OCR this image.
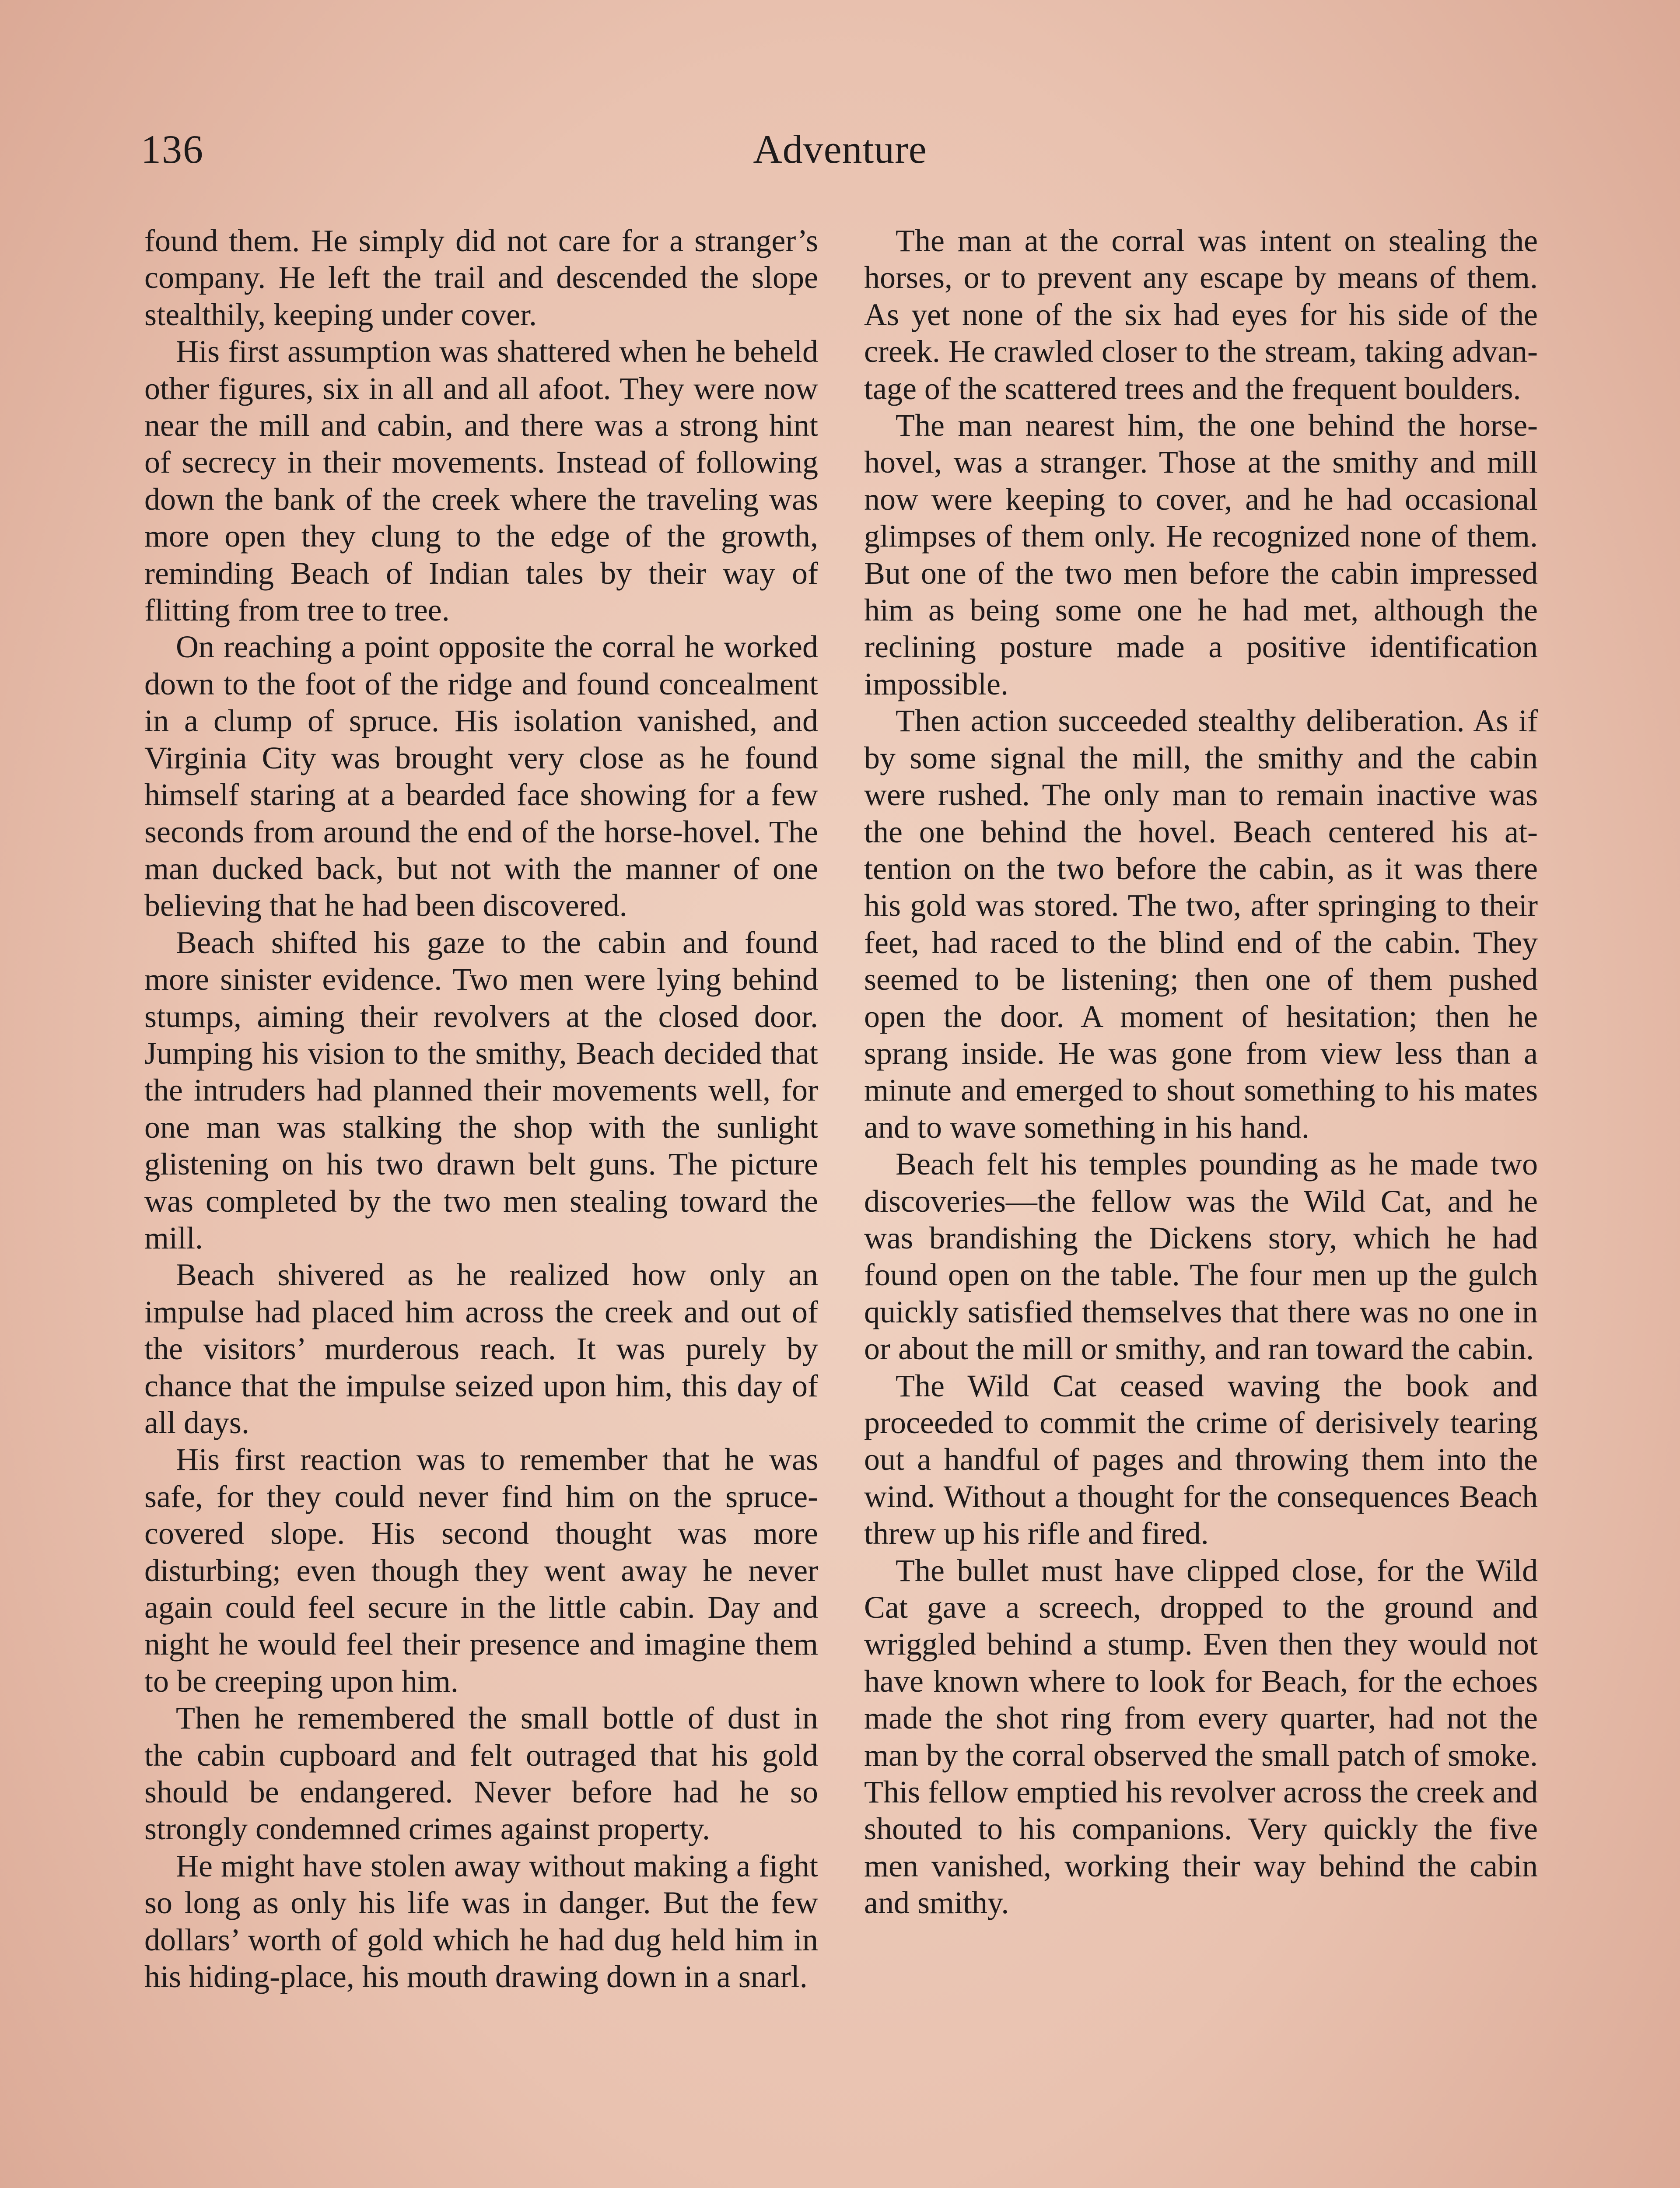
136	Adventure

found them. He simply did not care for a stranger’s company. He left the trail and descended the slope stealthily, keeping under cover.

His first assumption was shattered when he beheld other figures, six in all and all afoot. They were now near the mill and cabin, and there was a strong hint of secrecy in their movements. Instead of following down the bank of the creek where the traveling was more open they clung to the edge of the growth, reminding Beach of Indian tales by their way of flitting from tree to tree.

On reaching a point opposite the corral he worked down to the foot of the ridge and found concealment in a clump of spruce. His isolation vanished, and Virginia City was brought very close as he found himself staring at a bearded face showing for a few seconds from around the end of the horse-hovel. The man ducked back, but not with the manner of one believing that he had been discovered.

Beach shifted his gaze to the cabin and found more sinister evidence. Two men were lying behind stumps, aiming their revolvers at the closed door. Jumping his vision to the smithy, Beach decided that the intruders had planned their movements well, for one man was stalking the shop with the sunlight glistening on his two drawn belt guns. The picture was completed by the two men stealing toward the mill.

Beach shivered as he realized how only an impulse had placed him across the creek and out of the visitors’ murderous reach. It was purely by chance that the impulse seized upon him, this day of all days.

His first reaction was to remember that he was safe, for they could never find him on the spruce-covered slope. His second thought was more disturbing; even though they went away he never again could feel secure in the little cabin. Day and night he would feel their presence and imagine them to be creeping upon him.

Then he remembered the small bottle of dust in the cabin cupboard and felt outraged that his gold should be endangered. Never before had he so strongly condemned crimes against property.

He might have stolen away without making a fight so long as only his life was in danger. But the few dollars’ worth of gold which he had dug held him in his hiding-place, his mouth drawing down in a snarl.

The man at the corral was intent on stealing the horses, or to prevent any escape by means of them. As yet none of the six had eyes for his side of the creek. He crawled closer to the stream, taking advantage of the scattered trees and the frequent boulders.

The man nearest him, the one behind the horse-hovel, was a stranger. Those at the smithy and mill now were keeping to cover, and he had occasional glimpses of them only. He recognized none of them. But one of the two men before the cabin impressed him as being some one he had met, although the reclining posture made a positive identification impossible.

Then action succeeded stealthy deliberation. As if by some signal the mill, the smithy and the cabin were rushed. The only man to remain inactive was the one behind the hovel. Beach centered his attention on the two before the cabin, as it was there his gold was stored. The two, after springing to their feet, had raced to the blind end of the cabin. They seemed to be listening; then one of them pushed open the door. A moment of hesitation; then he sprang inside. He was gone from view less than a minute and emerged to shout something to his mates and to wave something in his hand.

Beach felt his temples pounding as he made two discoveries—the fellow was the Wild Cat, and he was brandishing the Dickens story, which he had found open on the table. The four men up the gulch quickly satisfied themselves that there was no one in or about the mill or smithy, and ran toward the cabin.

The Wild Cat ceased waving the book and proceeded to commit the crime of derisively tearing out a handful of pages and throwing them into the wind. Without a thought for the consequences Beach threw up his rifle and fired.

The bullet must have clipped close, for the Wild Cat gave a screech, dropped to the ground and wriggled behind a stump. Even then they would not have known where to look for Beach, for the echoes made the shot ring from every quarter, had not the man by the corral observed the small patch of smoke. This fellow emptied his revolver across the creek and shouted to his companions. Very quickly the five men vanished, working their way behind the cabin and smithy.
